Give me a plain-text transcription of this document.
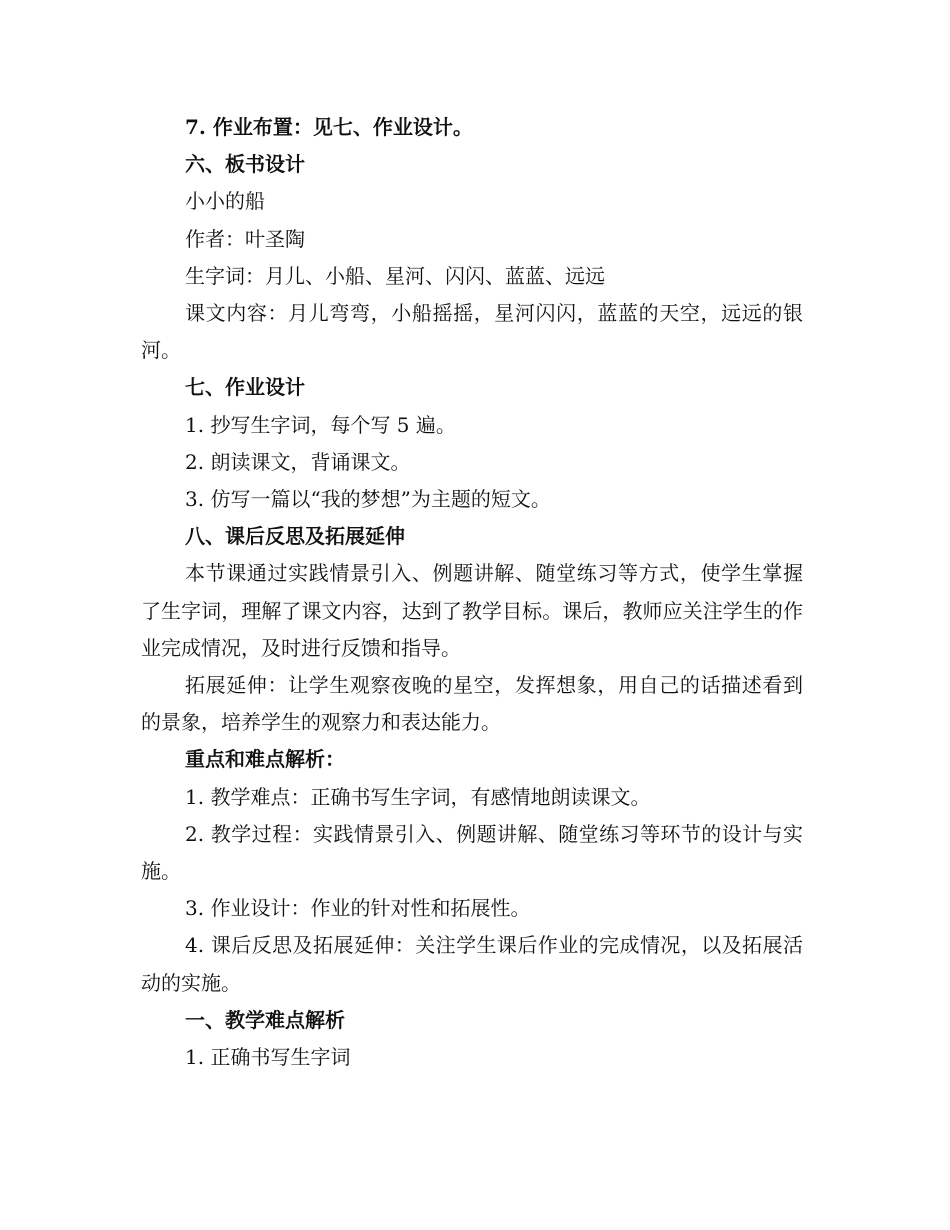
7. 作业布置：见七、作业设计。

六、板书设计

小小的船

作者：叶圣陶

生字词：月儿、小船、星河、闪闪、蓝蓝、远远

课文内容：月儿弯弯，小船摇摇，星河闪闪，蓝蓝的天空，远远的银河。

七、作业设计

1. 抄写生字词，每个写 5 遍。

2. 朗读课文，背诵课文。

3. 仿写一篇以“我的梦想”为主题的短文。

八、课后反思及拓展延伸

本节课通过实践情景引入、例题讲解、随堂练习等方式，使学生掌握了生字词，理解了课文内容，达到了教学目标。课后，教师应关注学生的作业完成情况，及时进行反馈和指导。

拓展延伸：让学生观察夜晚的星空，发挥想象，用自己的话描述看到的景象，培养学生的观察力和表达能力。

重点和难点解析：

1. 教学难点：正确书写生字词，有感情地朗读课文。

2. 教学过程：实践情景引入、例题讲解、随堂练习等环节的设计与实施。

3. 作业设计：作业的针对性和拓展性。

4. 课后反思及拓展延伸：关注学生课后作业的完成情况，以及拓展活动的实施。

一、教学难点解析

1. 正确书写生字词
